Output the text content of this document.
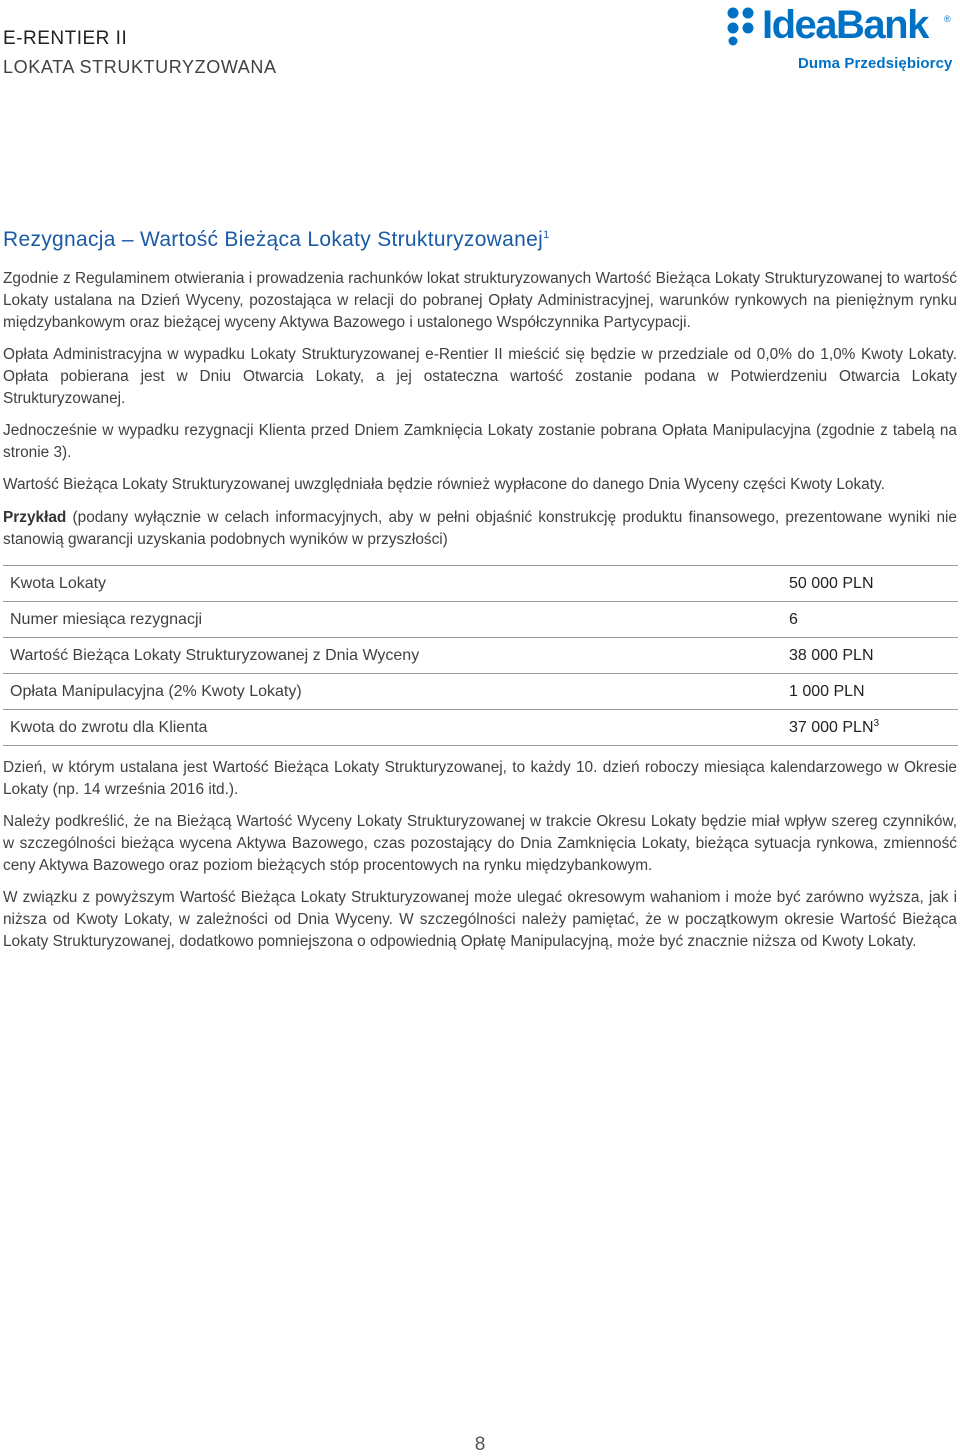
E-RENTIER II
LOKATA STRUKTURYZOWANA
IdeaBank ®
Duma Przedsiębiorcy
Rezygnacja – Wartość Bieżąca Lokaty Strukturyzowanej$^1$

Zgodnie z Regulaminem otwierania i prowadzenia rachunków lokat strukturyzowanych Wartość Bieżąca Lokaty Strukturyzowanej to wartość Lokaty ustalana na Dzień Wyceny, pozostająca w relacji do pobranej Opłaty Administracyjnej, warunków rynkowych na pieniężnym rynku międzybankowym oraz bieżącej wyceny Aktywa Bazowego i ustalonego Współczynnika Partycypacji.

Opłata Administracyjna w wypadku Lokaty Strukturyzowanej e-Rentier II mieścić się będzie w przedziale od 0,0% do 1,0% Kwoty Lokaty. Opłata pobierana jest w Dniu Otwarcia Lokaty, a jej ostateczna wartość zostanie podana w Potwierdzeniu Otwarcia Lokaty Strukturyzowanej.

Jednocześnie w wypadku rezygnacji Klienta przed Dniem Zamknięcia Lokaty zostanie pobrana Opłata Manipulacyjna (zgodnie z tabelą na stronie 3).

Wartość Bieżąca Lokaty Strukturyzowanej uwzględniała będzie również wypłacone do danego Dnia Wyceny części Kwoty Lokaty.

Przykład (podany wyłącznie w celach informacyjnych, aby w pełni objaśnić konstrukcję produktu finansowego, prezentowane wyniki nie stanowią gwarancji uzyskania podobnych wyników w przyszłości)

Kwota Lokaty	50 000 PLN
Numer miesiąca rezygnacji	6
Wartość Bieżąca Lokaty Strukturyzowanej z Dnia Wyceny	38 000 PLN
Opłata Manipulacyjna (2% Kwoty Lokaty)	1 000 PLN
Kwota do zwrotu dla Klienta	37 000 PLN$^3$

Dzień, w którym ustalana jest Wartość Bieżąca Lokaty Strukturyzowanej, to każdy 10. dzień roboczy miesiąca kalendarzowego w Okresie Lokaty (np. 14 września 2016 itd.).

Należy podkreślić, że na Bieżącą Wartość Wyceny Lokaty Strukturyzowanej w trakcie Okresu Lokaty będzie miał wpływ szereg czynników, w szczególności bieżąca wycena Aktywa Bazowego, czas pozostający do Dnia Zamknięcia Lokaty, bieżąca sytuacja rynkowa, zmienność ceny Aktywa Bazowego oraz poziom bieżących stóp procentowych na rynku międzybankowym.

W związku z powyższym Wartość Bieżąca Lokaty Strukturyzowanej może ulegać okresowym wahaniom i może być zarówno wyższa, jak i niższa od Kwoty Lokaty, w zależności od Dnia Wyceny. W szczególności należy pamiętać, że w początkowym okresie Wartość Bieżąca Lokaty Strukturyzowanej, dodatkowo pomniejszona o odpowiednią Opłatę Manipulacyjną, może być znacznie niższa od Kwoty Lokaty.

8
